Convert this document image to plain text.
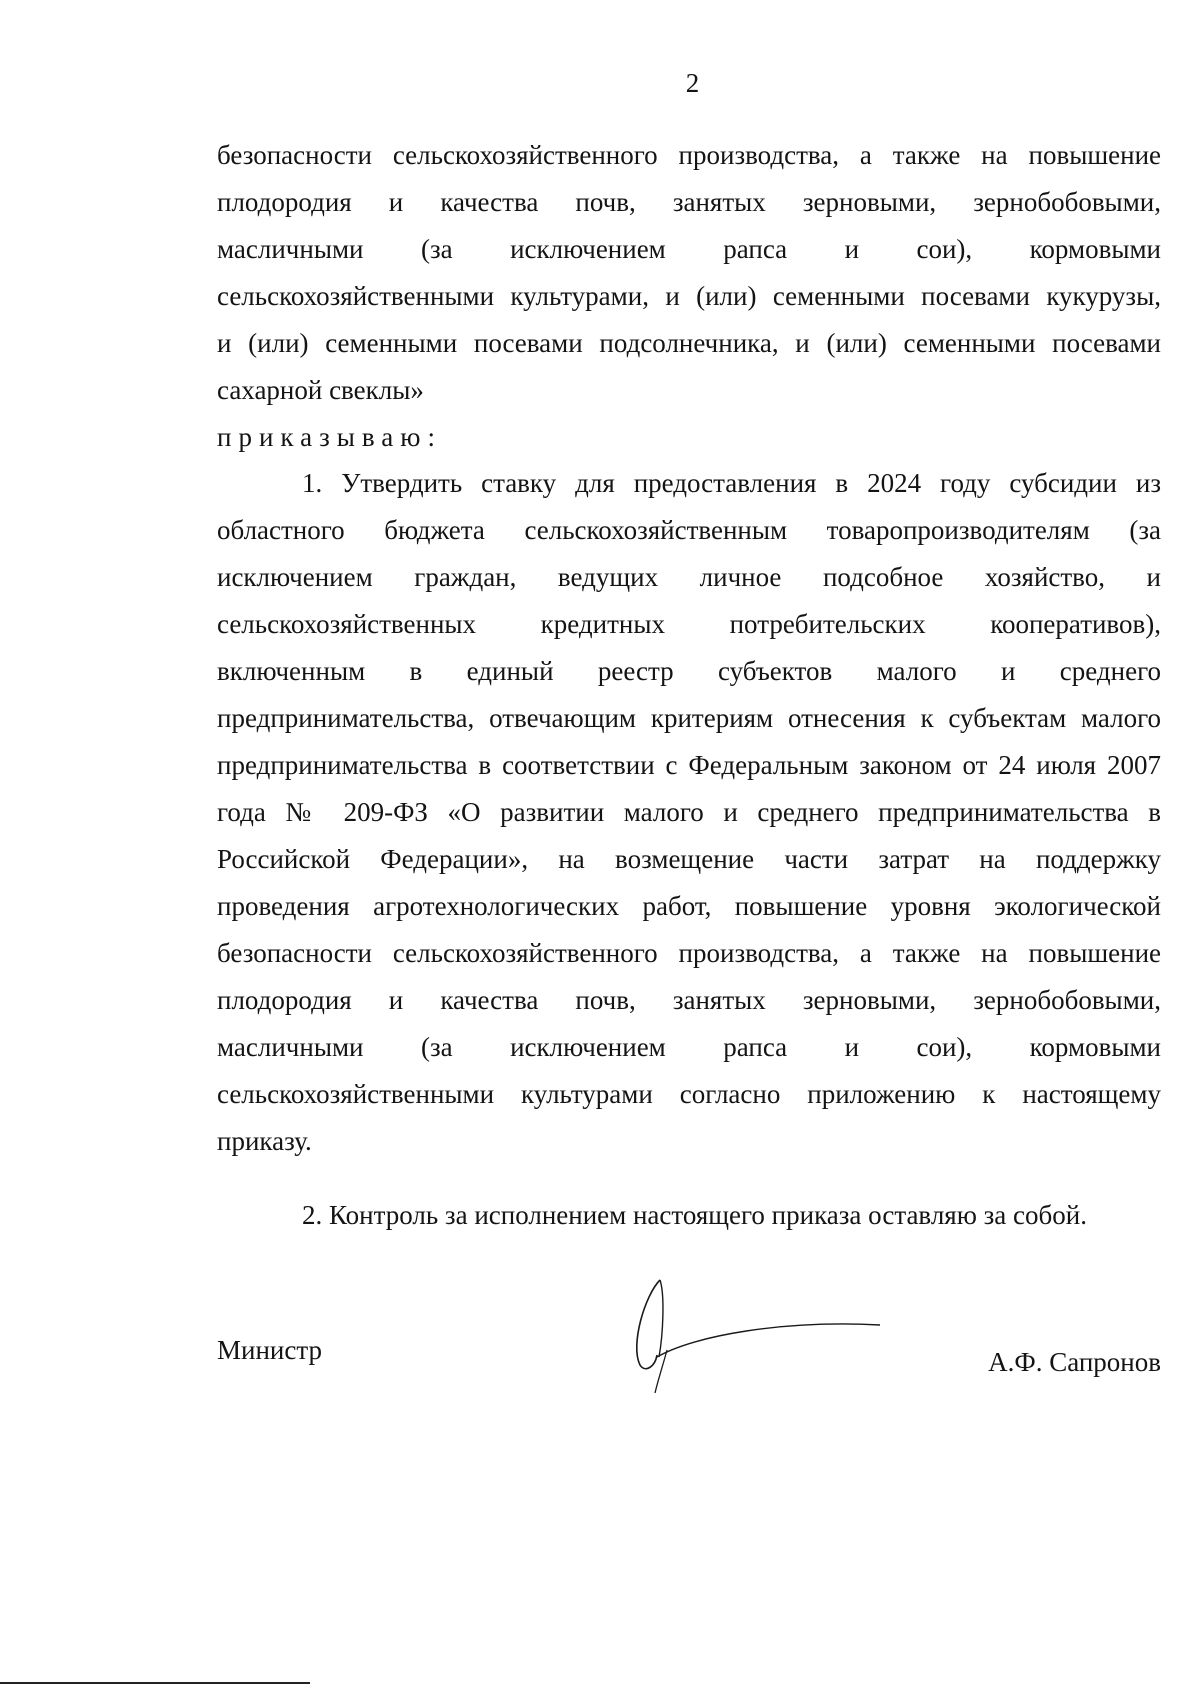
2
безопасности сельскохозяйственного производства, а также на повышение
плодородия и качества почв, занятых зерновыми, зернобобовыми,
масличными (за исключением рапса и сои), кормовыми
сельскохозяйственными культурами, и (или) семенными посевами кукурузы,
и (или) семенными посевами подсолнечника, и (или) семенными посевами
сахарной свеклы»
приказываю:
1. Утвердить ставку для предоставления в 2024 году субсидии из
областного бюджета сельскохозяйственным товаропроизводителям (за
исключением граждан, ведущих личное подсобное хозяйство, и
сельскохозяйственных кредитных потребительских кооперативов),
включенным в единый реестр субъектов малого и среднего
предпринимательства, отвечающим критериям отнесения к субъектам малого
предпринимательства в соответствии с Федеральным законом от 24 июля 2007
года № 209-ФЗ «О развитии малого и среднего предпринимательства в
Российской Федерации», на возмещение части затрат на поддержку
проведения агротехнологических работ, повышение уровня экологической
безопасности сельскохозяйственного производства, а также на повышение
плодородия и качества почв, занятых зерновыми, зернобобовыми,
масличными (за исключением рапса и сои), кормовыми
сельскохозяйственными культурами согласно приложению к настоящему
приказу.
2. Контроль за исполнением настоящего приказа оставляю за собой.
Министр	А.Ф. Сапронов
